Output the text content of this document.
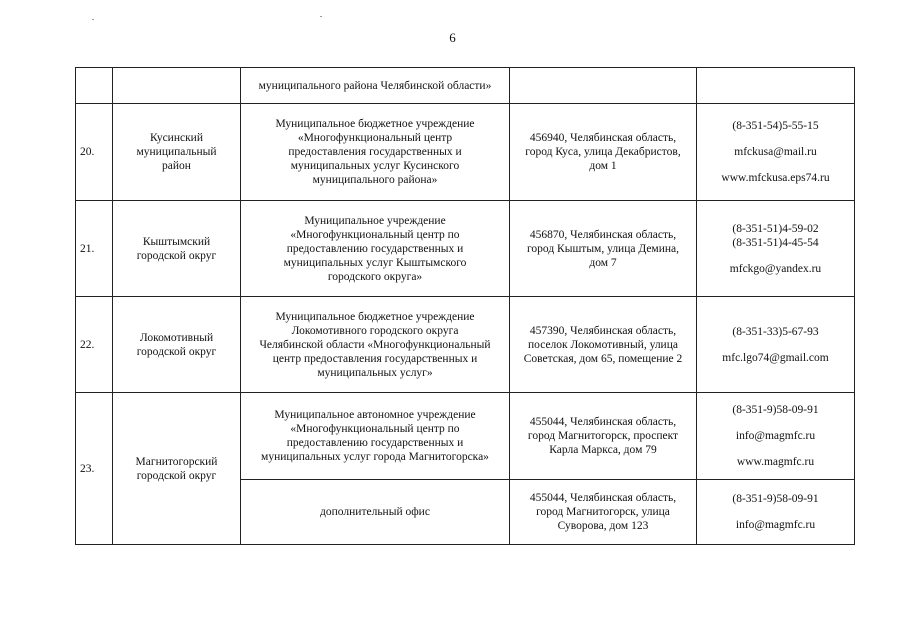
6

		муниципального района Челябинской области»		

20.	Кусинский
муниципальный
район	Муниципальное бюджетное учреждение
«Многофункциональный центр
предоставления государственных и
муниципальных услуг Кусинского
муниципального района»	456940, Челябинская область,
город Куса, улица Декабристов,
дом 1	(8-351-54)5-55-15
mfckusa@mail.ru
www.mfckusa.eps74.ru

21.	Кыштымский
городской округ	Муниципальное учреждение
«Многофункциональный центр по
предоставлению государственных и
муниципальных услуг Кыштымского
городского округа»	456870, Челябинская область,
город Кыштым, улица Демина,
дом 7	(8-351-51)4-59-02
(8-351-51)4-45-54
mfckgo@yandex.ru

22.	Локомотивный
городской округ	Муниципальное бюджетное учреждение
Локомотивного городского округа
Челябинской области «Многофункциональный
центр предоставления государственных и
муниципальных услуг»	457390, Челябинская область,
поселок Локомотивный, улица
Советская, дом 65, помещение 2	(8-351-33)5-67-93
mfc.lgo74@gmail.com

23.	Магнитогорский
городской округ	Муниципальное автономное учреждение
«Многофункциональный центр по
предоставлению государственных и
муниципальных услуг города Магнитогорска»	455044, Челябинская область,
город Магнитогорск, проспект
Карла Маркса, дом 79	(8-351-9)58-09-91
info@magmfc.ru
www.magmfc.ru

		дополнительный офис	455044, Челябинская область,
город Магнитогорск, улица
Суворова, дом 123	(8-351-9)58-09-91
info@magmfc.ru
